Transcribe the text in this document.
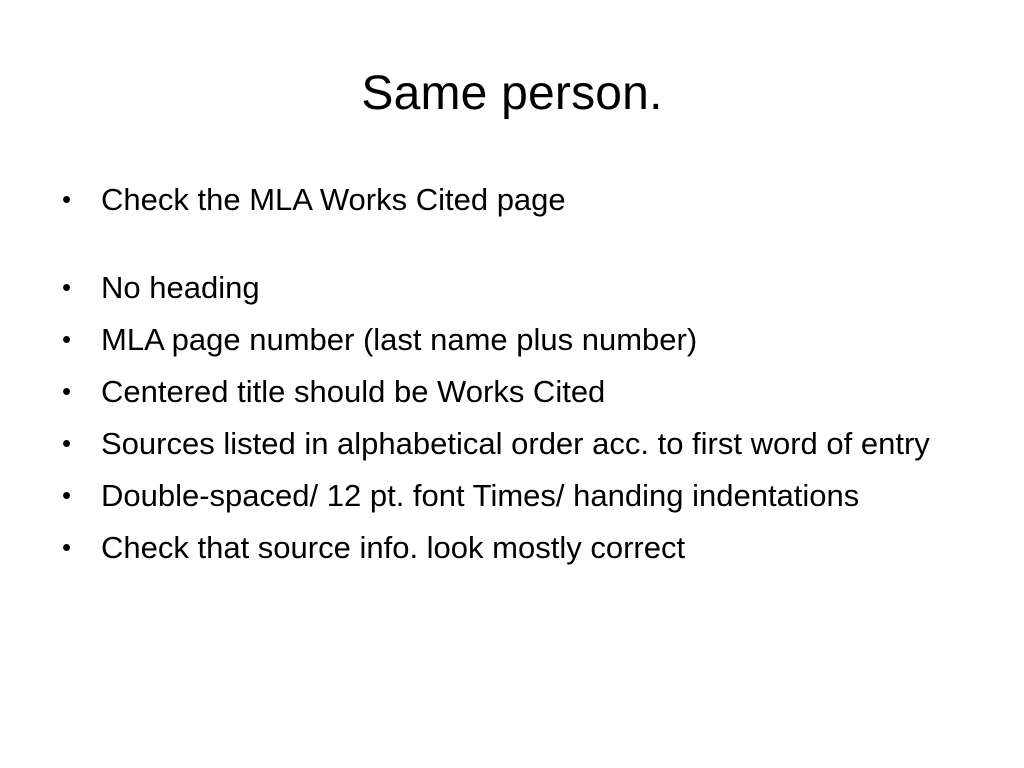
Same person.
• Check the MLA Works Cited page
• No heading
• MLA page number (last name plus number)
• Centered title should be Works Cited
• Sources listed in alphabetical order acc. to first word of entry
• Double-spaced/ 12 pt. font Times/ handing indentations
• Check that source info. look mostly correct
